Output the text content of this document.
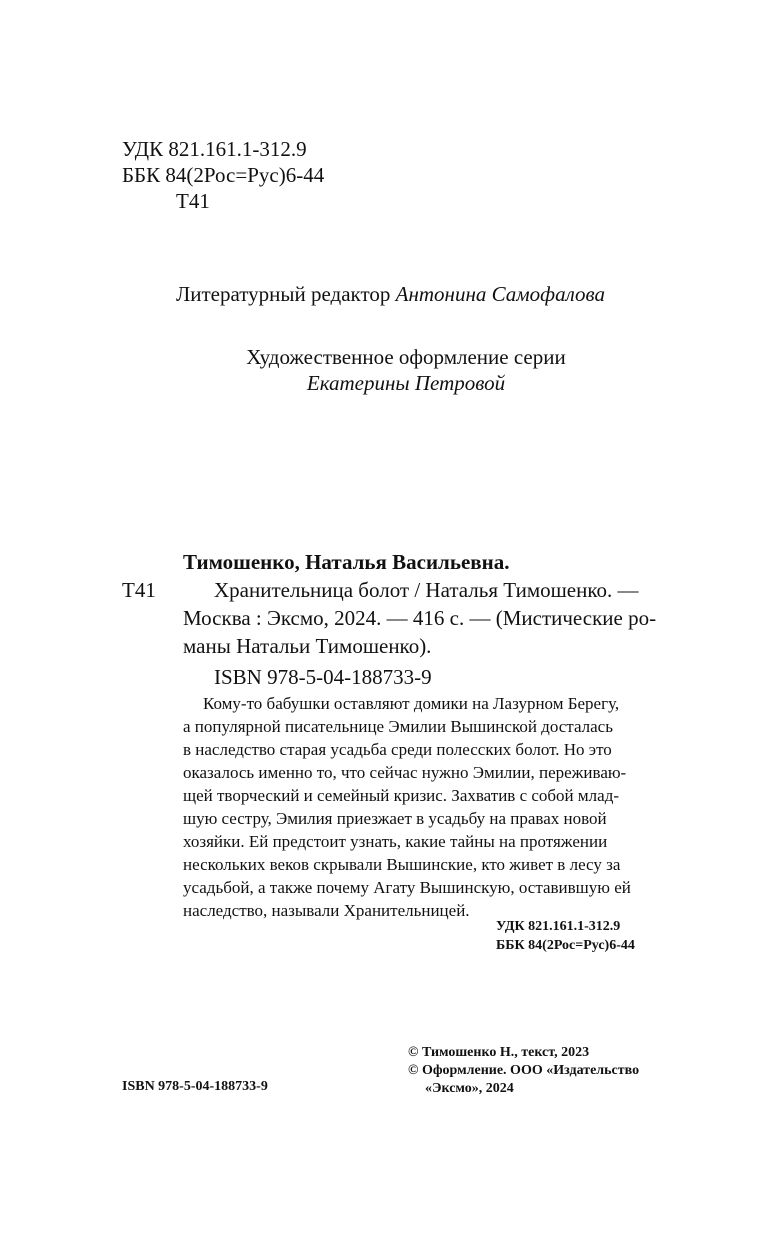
УДК 821.161.1-312.9
ББК 84(2Рос=Рус)6-44
Т41
Литературный редактор Антонина Самофалова
Художественное оформление серии
Екатерины Петровой
Тимошенко, Наталья Васильевна.
Т41	Хранительница болот / Наталья Тимошенко. —
Москва : Эксмо, 2024. — 416 с. — (Мистические ро-
маны Натальи Тимошенко).
ISBN 978-5-04-188733-9
Кому-то бабушки оставляют домики на Лазурном Берегу,
а популярной писательнице Эмилии Вышинской досталась
в наследство старая усадьба среди полесских болот. Но это
оказалось именно то, что сейчас нужно Эмилии, переживаю-
щей творческий и семейный кризис. Захватив с собой млад-
шую сестру, Эмилия приезжает в усадьбу на правах новой
хозяйки. Ей предстоит узнать, какие тайны на протяжении
нескольких веков скрывали Вышинские, кто живет в лесу за
усадьбой, а также почему Агату Вышинскую, оставившую ей
наследство, называли Хранительницей.
УДК 821.161.1-312.9
ББК 84(2Рос=Рус)6-44
ISBN 978-5-04-188733-9
© Тимошенко Н., текст, 2023
© Оформление. ООО «Издательство
«Эксмо», 2024
